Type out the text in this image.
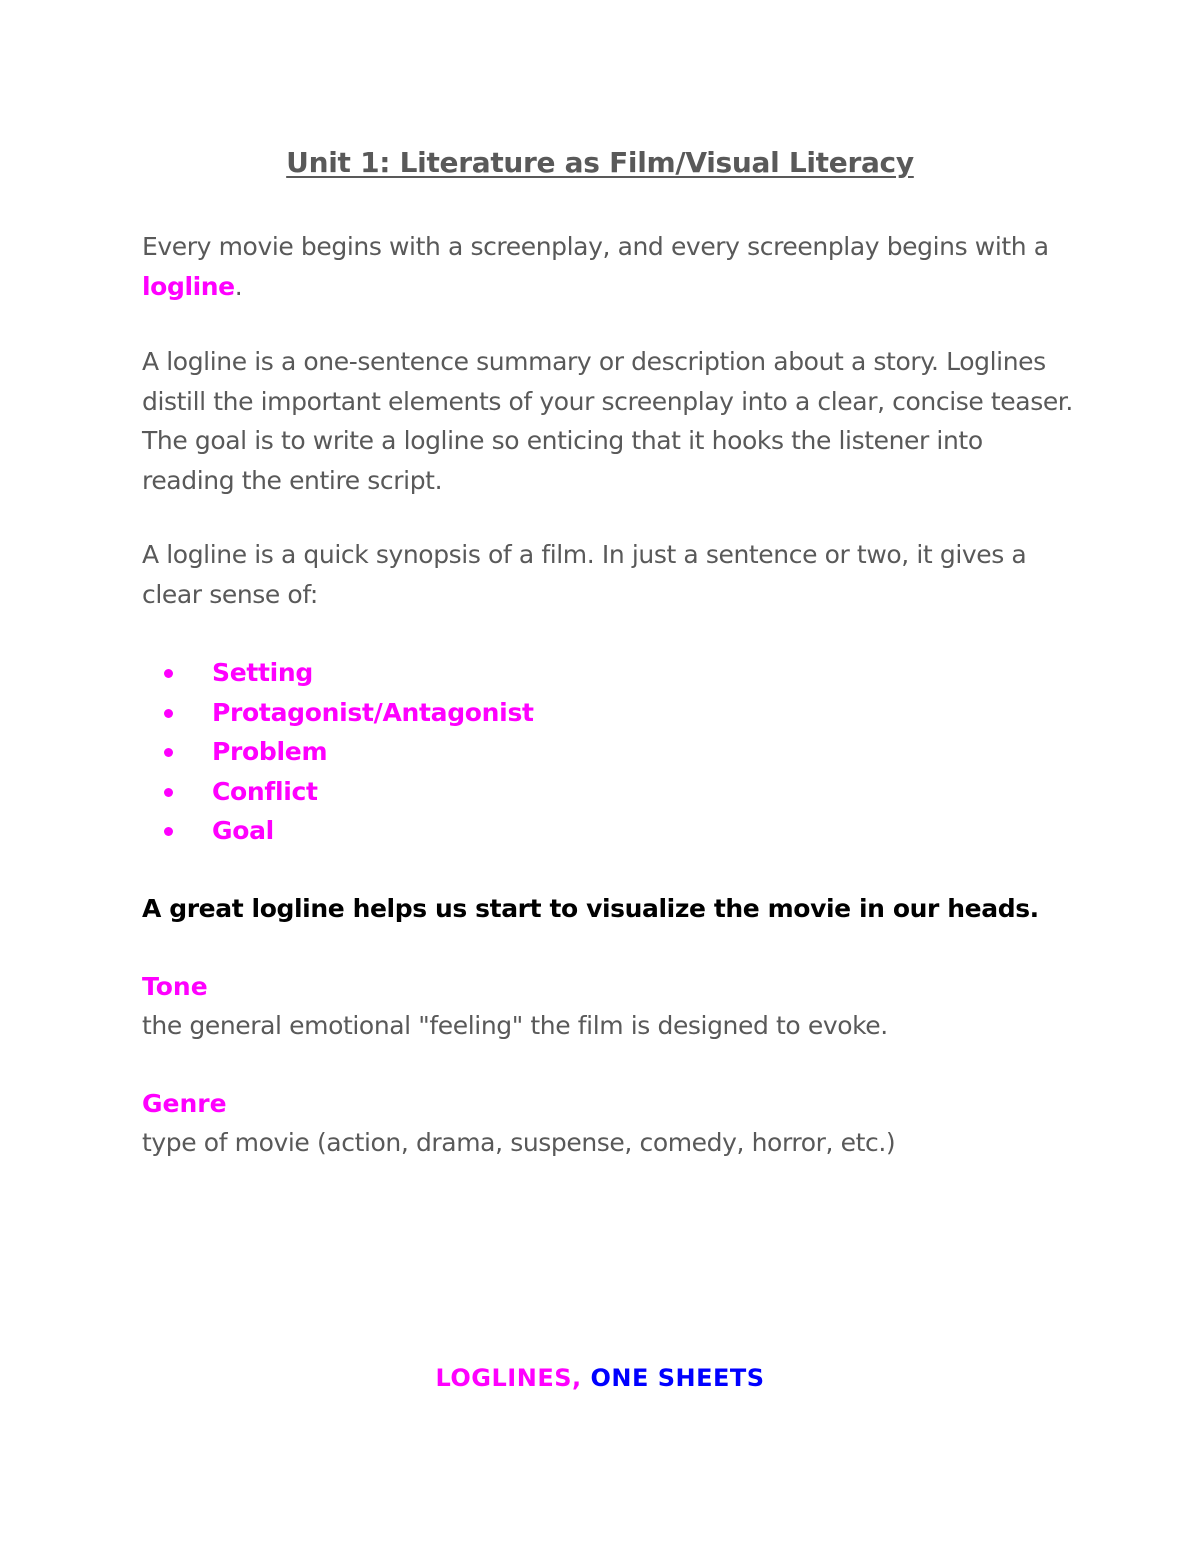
Unit 1: Literature as Film/Visual Literacy
Every movie begins with a screenplay, and every screenplay begins with a logline.
A logline is a one-sentence summary or description about a story. Loglines distill the important elements of your screenplay into a clear, concise teaser. The goal is to write a logline so enticing that it hooks the listener into reading the entire script.
A logline is a quick synopsis of a film. In just a sentence or two, it gives a clear sense of:
Setting
Protagonist/Antagonist
Problem
Conflict
Goal
A great logline helps us start to visualize the movie in our heads.
Tone
the general emotional "feeling" the film is designed to evoke.
Genre
type of movie (action, drama, suspense, comedy, horror, etc.)
LOGLINES, ONE SHEETS
